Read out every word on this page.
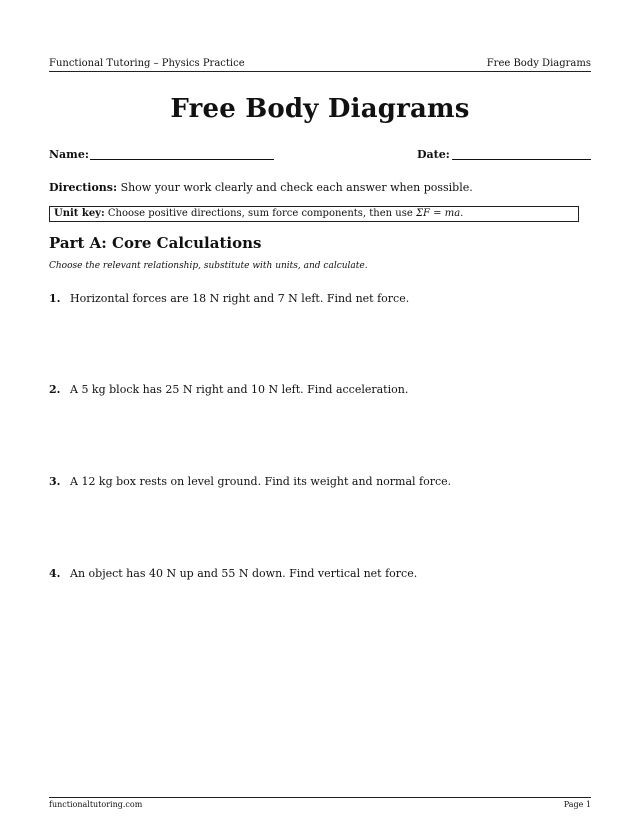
Functional Tutoring – Physics Practice	Free Body Diagrams
Free Body Diagrams
Name:	Date:
Directions: Show your work clearly and check each answer when possible.
Unit key: Choose positive directions, sum force components, then use ΣF = ma.
Part A: Core Calculations
Choose the relevant relationship, substitute with units, and calculate.
1. Horizontal forces are 18 N right and 7 N left. Find net force.
2. A 5 kg block has 25 N right and 10 N left. Find acceleration.
3. A 12 kg box rests on level ground. Find its weight and normal force.
4. An object has 40 N up and 55 N down. Find vertical net force.
functionaltutoring.com	Page 1
